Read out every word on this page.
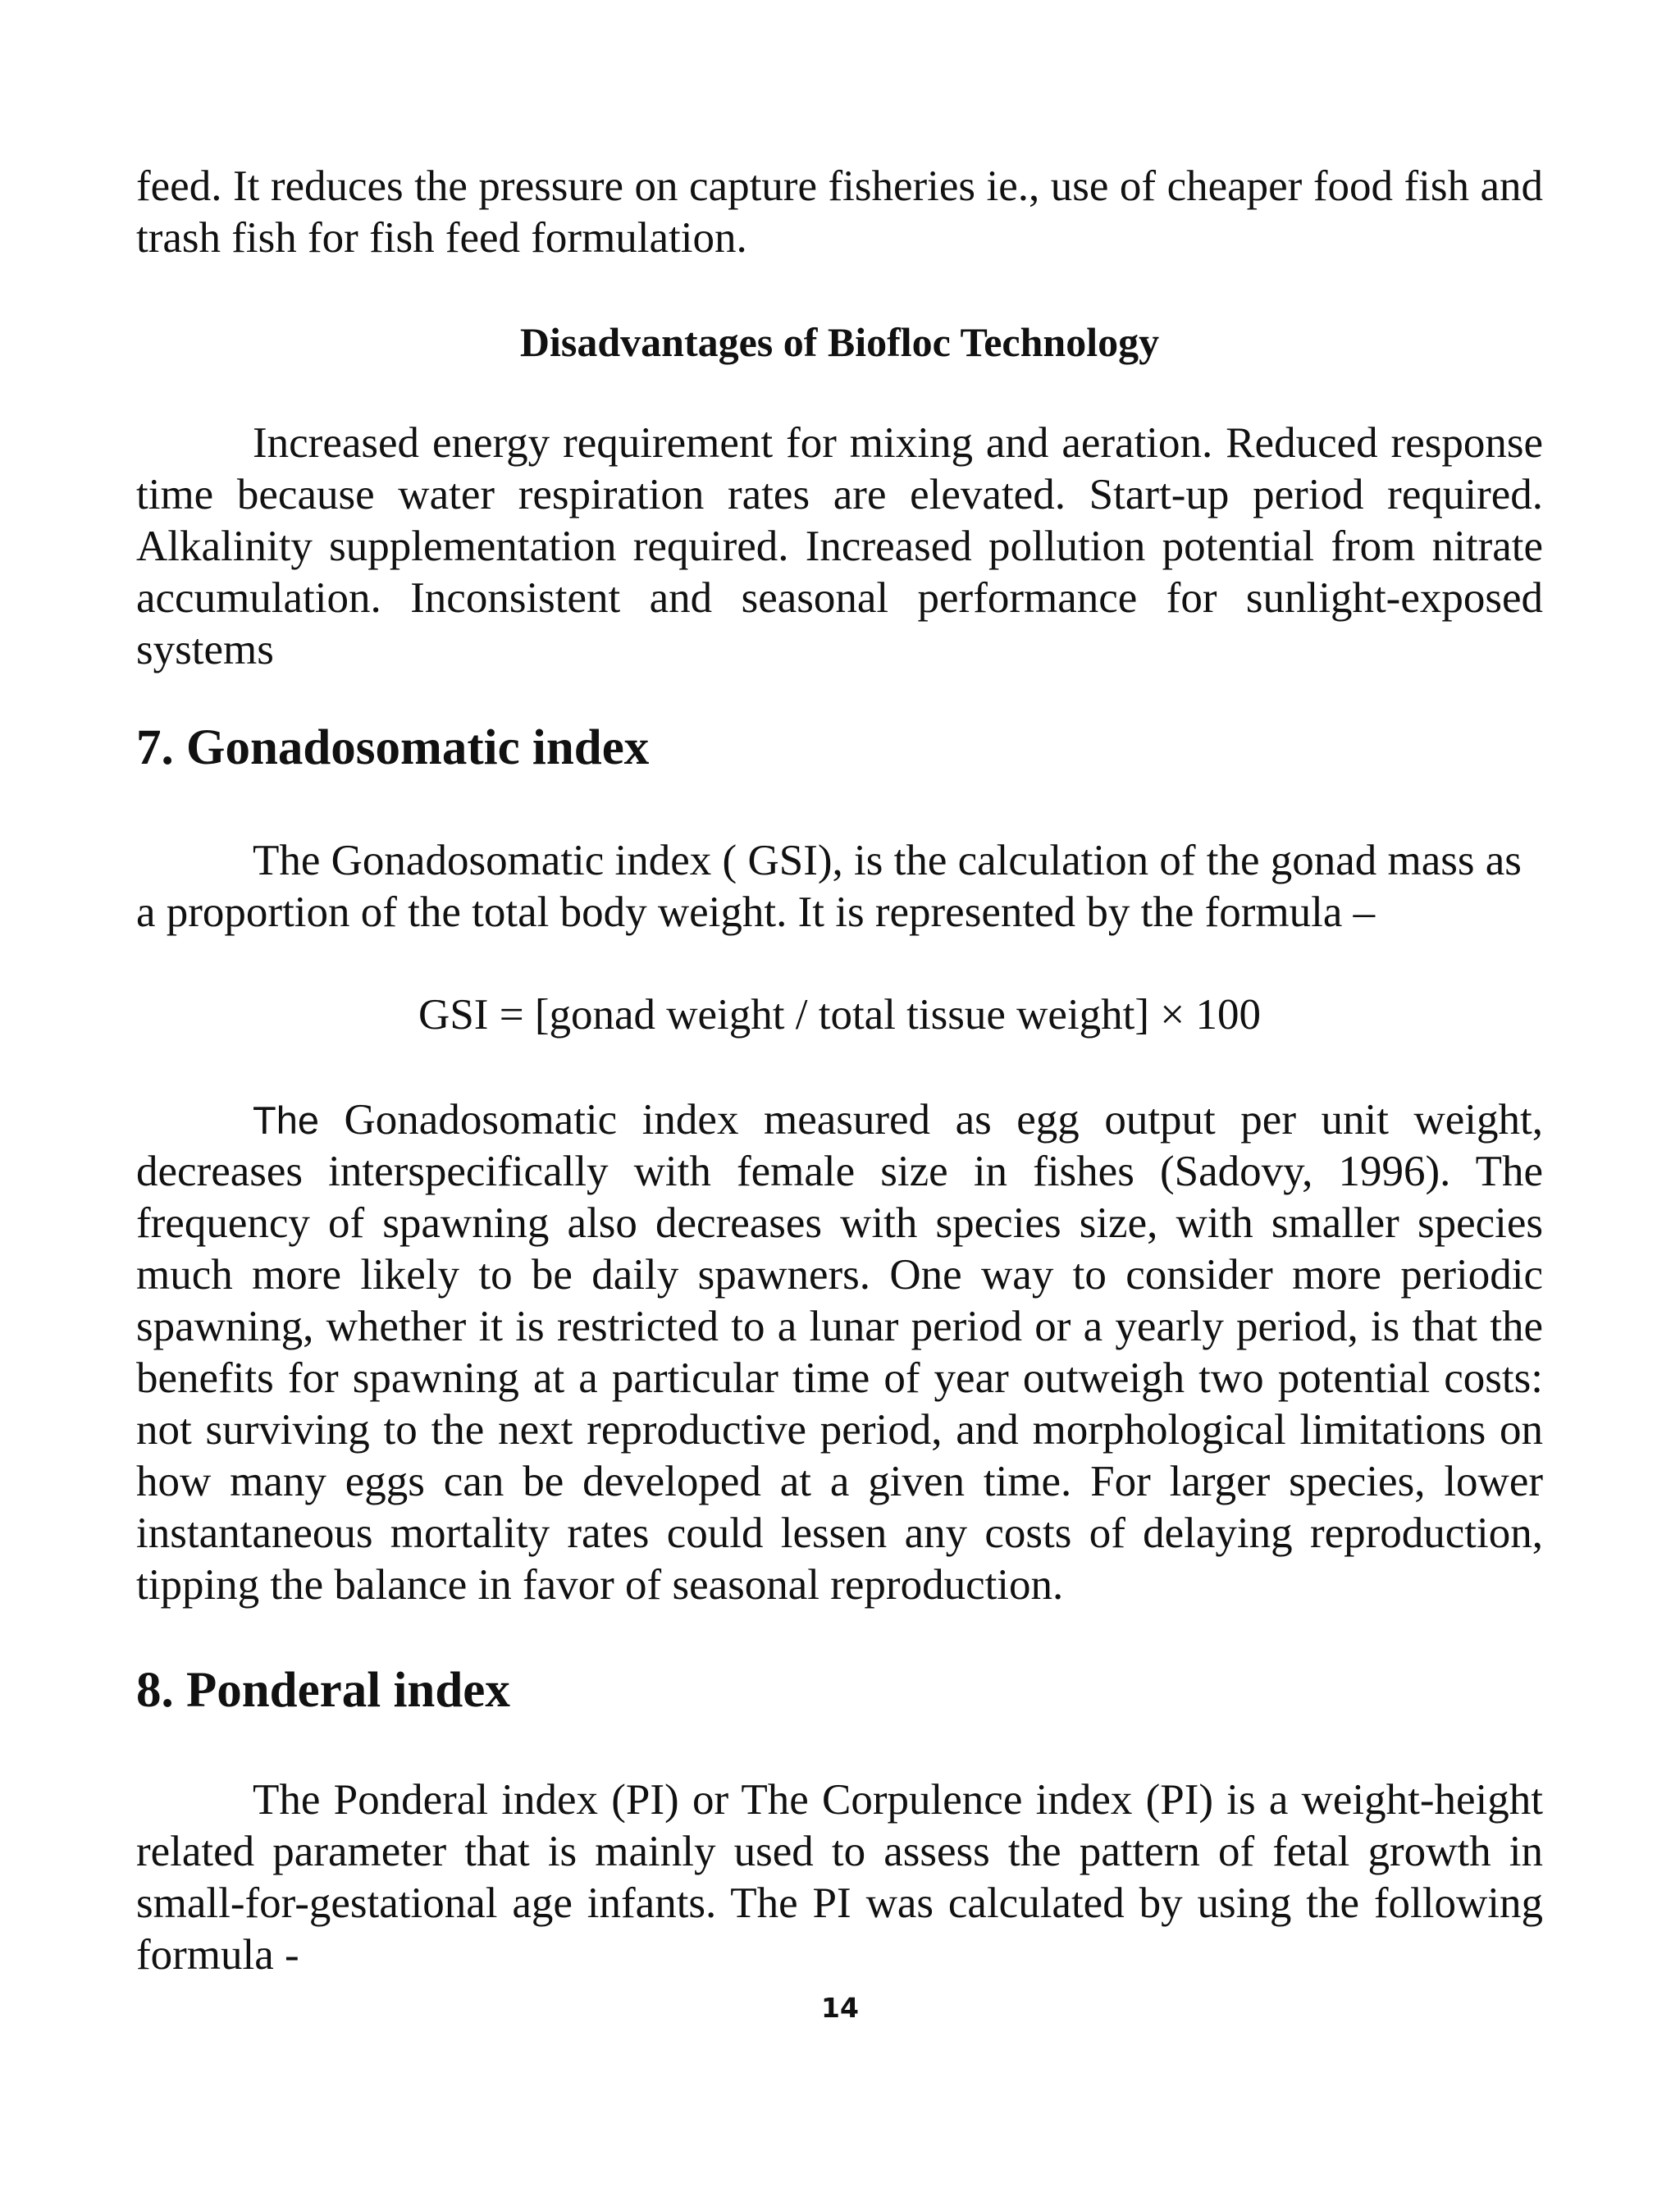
feed. It reduces the pressure on capture fisheries ie., use of cheaper food fish and trash fish for fish feed formulation.

Disadvantages of Biofloc Technology

Increased energy requirement for mixing and aeration. Reduced response time because water respiration rates are elevated. Start-up period required. Alkalinity supplementation required. Increased pollution potential from nitrate accumulation. Inconsistent and seasonal performance for sunlight-exposed systems

7. Gonadosomatic index

The Gonadosomatic index ( GSI), is the calculation of the gonad mass as a proportion of the total body weight. It is represented by the formula –

GSI = [gonad weight / total tissue weight] × 100

The Gonadosomatic index measured as egg output per unit weight, decreases interspecifically with female size in fishes (Sadovy, 1996). The frequency of spawning also decreases with species size, with smaller species much more likely to be daily spawners. One way to consider more periodic spawning, whether it is restricted to a lunar period or a yearly period, is that the benefits for spawning at a particular time of year outweigh two potential costs: not surviving to the next reproductive period, and morphological limitations on how many eggs can be developed at a given time. For larger species, lower instantaneous mortality rates could lessen any costs of delaying reproduction, tipping the balance in favor of seasonal reproduction.

8. Ponderal index

The Ponderal index (PI) or The Corpulence index (PI) is a weight-height related parameter that is mainly used to assess the pattern of fetal growth in small-for-gestational age infants. The PI was calculated by using the following formula -

14
